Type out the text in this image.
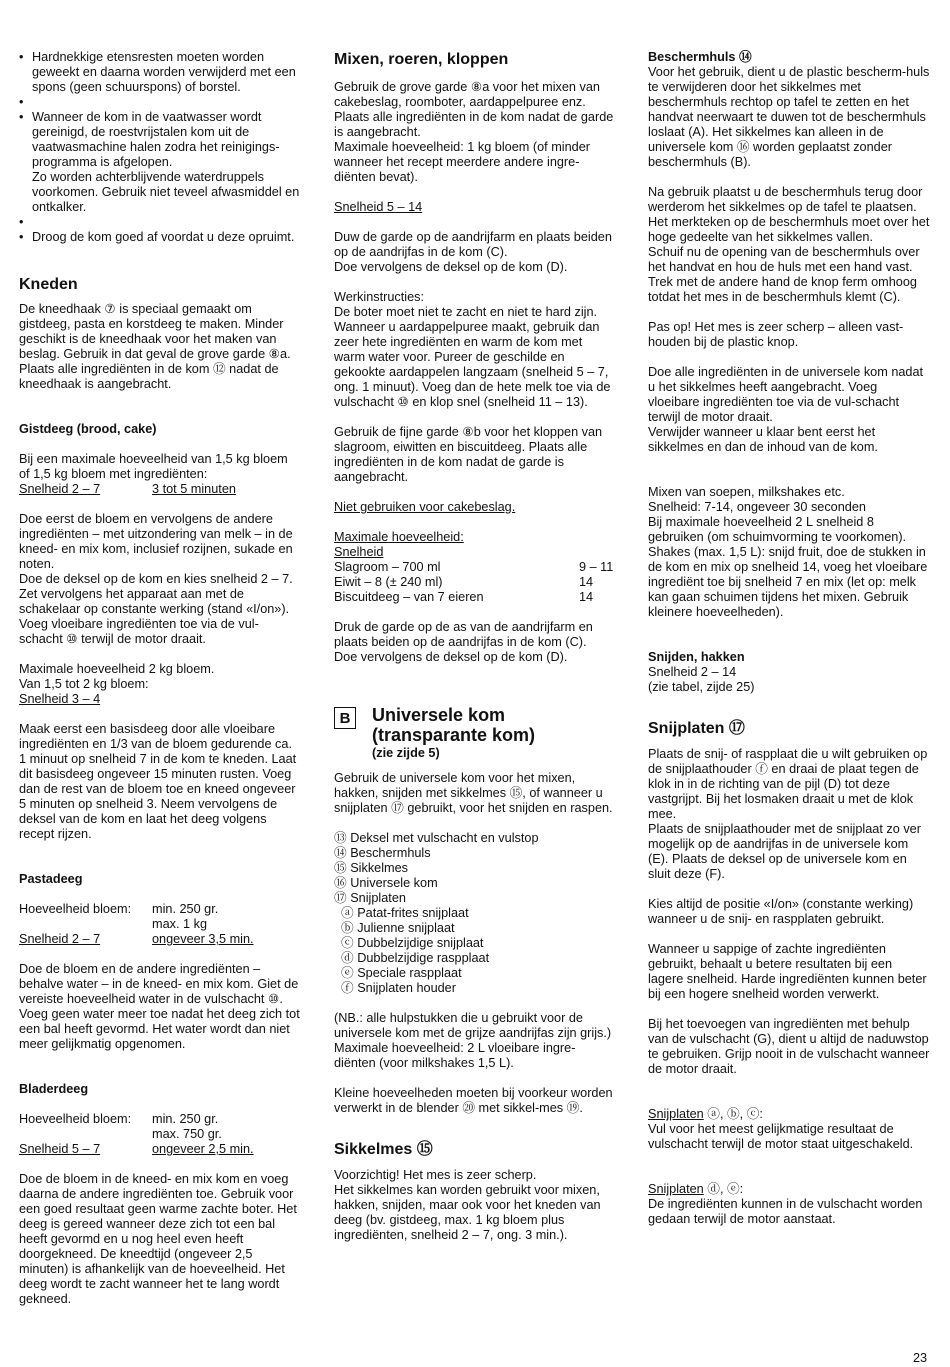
• Hardnekkige etensresten moeten worden geweekt en daarna worden verwijderd met een spons (geen schuurspons) of borstel.
•
• Wanneer de kom in de vaatwasser wordt gereinigd, de roestvrijstalen kom uit de vaatwasmachine halen zodra het reinigings-programma is afgelopen.
Zo worden achterblijvende waterdruppels voorkomen. Gebruik niet teveel afwasmiddel en ontkalker.
•
• Droog de kom goed af voordat u deze opruimt.
Kneden

De kneedhaak ⑦ is speciaal gemaakt om gistdeeg, pasta en korstdeeg te maken. Minder geschikt is de kneedhaak voor het maken van beslag. Gebruik in dat geval de grove garde ⑧a. Plaats alle ingrediënten in de kom ⑫ nadat de kneedhaak is aangebracht.

Gistdeeg (brood, cake)

Bij een maximale hoeveelheid van 1,5 kg bloem of 1,5 kg bloem met ingrediënten:

Snelheid 2 – 7	3 tot 5 minuten

Doe eerst de bloem en vervolgens de andere ingrediënten – met uitzondering van melk – in de kneed- en mix kom, inclusief rozijnen, sukade en noten.
Doe de deksel op de kom en kies snelheid 2 – 7. Zet vervolgens het apparaat aan met de schakelaar op constante werking (stand «I/on»). Voeg vloeibare ingrediënten toe via de vul-schacht ⑩ terwijl de motor draait.

Maximale hoeveelheid 2 kg bloem.
Van 1,5 tot 2 kg bloem:

Snelheid 3 – 4

Maak eerst een basisdeeg door alle vloeibare ingrediënten en 1/3 van de bloem gedurende ca. 1 minuut op snelheid 7 in de kom te kneden. Laat dit basisdeeg ongeveer 15 minuten rusten. Voeg dan de rest van de bloem toe en kneed ongeveer 5 minuten op snelheid 3. Neem vervolgens de deksel van de kom en laat het deeg volgens recept rijzen.

Pastadeeg
Hoeveelheid bloem:	min. 250 gr.
max. 1 kg
Snelheid 2 – 7	ongeveer 3,5 min.

Doe de bloem en de andere ingrediënten – behalve water – in de kneed- en mix kom. Giet de vereiste hoeveelheid water in de vulschacht ⑩. Voeg geen water meer toe nadat het deeg zich tot een bal heeft gevormd. Het water wordt dan niet meer gelijkmatig opgenomen.

Bladerdeeg
Hoeveelheid bloem:	min. 250 gr.
max. 750 gr.
Snelheid 5 – 7	ongeveer 2,5 min.

Doe de bloem in de kneed- en mix kom en voeg daarna de andere ingrediënten toe. Gebruik voor een goed resultaat geen warme zachte boter. Het deeg is gereed wanneer deze zich tot een bal heeft gevormd en u nog heel even heeft doorgekneed. De kneedtijd (ongeveer 2,5 minuten) is afhankelijk van de hoeveelheid. Het deeg wordt te zacht wanneer het te lang wordt gekneed.

Mixen, roeren, kloppen

Gebruik de grove garde ⑧a voor het mixen van cakebeslag, roomboter, aardappelpuree enz. Plaats alle ingrediënten in de kom nadat de garde is aangebracht.
Maximale hoeveelheid: 1 kg bloem (of minder wanneer het recept meerdere andere ingre-diënten bevat).

Snelheid 5 – 14

Duw de garde op de aandrijfarm en plaats beiden op de aandrijfas in de kom (C).
Doe vervolgens de deksel op de kom (D).

Werkinstructies:
De boter moet niet te zacht en niet te hard zijn. Wanneer u aardappelpuree maakt, gebruik dan zeer hete ingrediënten en warm de kom met warm water voor. Pureer de geschilde en gekookte aardappelen langzaam (snelheid 5 – 7, ong. 1 minuut). Voeg dan de hete melk toe via de vulschacht ⑩ en klop snel (snelheid 11 – 13).

Gebruik de fijne garde ⑧b voor het kloppen van slagroom, eiwitten en biscuitdeeg. Plaats alle ingrediënten in de kom nadat de garde is aangebracht.

Niet gebruiken voor cakebeslag.

Maximale hoeveelheid:

Snelheid

Slagroom – 700 ml	9 – 11
Eiwit – 8 (± 240 ml)	14
Biscuitdeeg – van 7 eieren	14

Druk de garde op de as van de aandrijfarm en plaats beiden op de aandrijfas in de kom (C).
Doe vervolgens de deksel op de kom (D).

B	Universele kom
(transparante kom)
(zie zijde 5)

Gebruik de universele kom voor het mixen, hakken, snijden met sikkelmes ⑮, of wanneer u snijplaten ⑰ gebruikt, voor het snijden en raspen.

⑬ Deksel met vulschacht en vulstop
⑭ Beschermhuls
⑮ Sikkelmes
⑯ Universele kom
⑰ Snijplaten
ⓐ Patat-frites snijplaat
ⓑ Julienne snijplaat
ⓒ Dubbelzijdige snijplaat
ⓓ Dubbelzijdige raspplaat
ⓔ Speciale raspplaat
ⓕ Snijplaten houder

(NB.: alle hulpstukken die u gebruikt voor de universele kom met de grijze aandrijfas zijn grijs.)
Maximale hoeveelheid: 2 L vloeibare ingre-diënten (voor milkshakes 1,5 L).

Kleine hoeveelheden moeten bij voorkeur worden verwerkt in de blender ⑳ met sikkel-mes ⑲.

Sikkelmes ⑮

Voorzichtig! Het mes is zeer scherp.
Het sikkelmes kan worden gebruikt voor mixen, hakken, snijden, maar ook voor het kneden van deeg (bv. gistdeeg, max. 1 kg bloem plus ingrediënten, snelheid 2 – 7, ong. 3 min.).

Beschermhuls ⑭

Voor het gebruik, dient u de plastic bescherm-huls te verwijderen door het sikkelmes met beschermhuls rechtop op tafel te zetten en het handvat neerwaart te duwen tot de beschermhuls loslaat (A). Het sikkelmes kan alleen in de universele kom ⑯ worden geplaatst zonder beschermhuls (B).

Na gebruik plaatst u de beschermhuls terug door werderom het sikkelmes op de tafel te plaatsen. Het merkteken op de beschermhuls moet over het hoge gedeelte van het sikkelmes vallen.
Schuif nu de opening van de beschermhuls over het handvat en hou de huls met een hand vast. Trek met de andere hand de knop ferm omhoog totdat het mes in de beschermhuls klemt (C).

Pas op! Het mes is zeer scherp – alleen vast-houden bij de plastic knop.

Doe alle ingrediënten in de universele kom nadat u het sikkelmes heeft aangebracht. Voeg vloeibare ingrediënten toe via de vul-schacht terwijl de motor draait.
Verwijder wanneer u klaar bent eerst het sikkelmes en dan de inhoud van de kom.

Mixen van soepen, milkshakes etc.
Snelheid: 7-14, ongeveer 30 seconden
Bij maximale hoeveelheid 2 L snelheid 8 gebruiken (om schuimvorming te voorkomen). Shakes (max. 1,5 L): snijd fruit, doe de stukken in de kom en mix op snelheid 14, voeg het vloeibare ingrediënt toe bij snelheid 7 en mix (let op: melk kan gaan schuimen tijdens het mixen. Gebruik kleinere hoeveelheden).

Snijden, hakken

Snelheid 2 – 14
(zie tabel, zijde 25)

Snijplaten ⑰

Plaats de snij- of raspplaat die u wilt gebruiken op de snijplaathouder ⓕ en draai de plaat tegen de klok in in de richting van de pijl (D) tot deze vastgrijpt. Bij het losmaken draait u met de klok mee.
Plaats de snijplaathouder met de snijplaat zo ver mogelijk op de aandrijfas in de universele kom (E). Plaats de deksel op de universele kom en sluit deze (F).

Kies altijd de positie «I/on» (constante werking) wanneer u de snij- en raspplaten gebruikt.

Wanneer u sappige of zachte ingrediënten gebruikt, behaalt u betere resultaten bij een lagere snelheid. Harde ingrediënten kunnen beter bij een hogere snelheid worden verwerkt.

Bij het toevoegen van ingrediënten met behulp van de vulschacht (G), dient u altijd de naduwstop te gebruiken. Grijp nooit in de vulschacht wanneer de motor draait.

Snijplaten ⓐ, ⓑ, ⓒ:

Vul voor het meest gelijkmatige resultaat de vulschacht terwijl de motor staat uitgeschakeld.

Snijplaten ⓓ, ⓔ:

De ingrediënten kunnen in de vulschacht worden gedaan terwijl de motor aanstaat.

23
